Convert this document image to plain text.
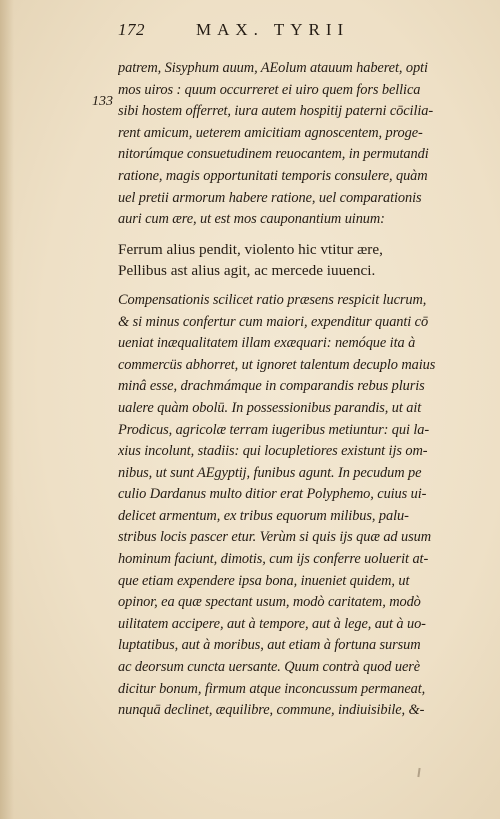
172	MAX. TYRII
133
patrem, Sisyphum auum, AEolum atauum haberet, opti
mos uiros : quum occurreret ei uiro quem fors bellica
sibi hostem offerret, iura autem hospitij paterni cōcilia-
rent amicum, ueterem amicitiam agnoscentem, proge-
nitorúmque consuetudinem reuocantem, in permutandi
ratione, magis opportunitati temporis consulere, quàm
uel pretii armorum habere ratione, uel comparationis
auri cum ære, ut est mos cauponantium uinum:
Ferrum alius pendit, violento hic vtitur ære,
Pellibus ast alius agit, ac mercede iuuenci.
Compensationis scilicet ratio præsens respicit lucrum,
& si minus confertur cum maiori, expenditur quanti cō
ueniat inæqualitatem illam exæquari: nemóque ita à
commercüs abhorret, ut ignoret talentum decuplo maius
minâ esse, drachmámque in comparandis rebus pluris
ualere quàm obolū. In possessionibus parandis, ut ait
Prodicus, agricolæ terram iugeribus metiuntur: qui la-
xius incolunt, stadiis: qui locupletiores existunt ijs om-
nibus, ut sunt AEgyptij, funibus agunt. In pecudum pe
culio Dardanus multo ditior erat Polyphemo, cuius ui-
delicet armentum, ex tribus equorum milibus, palu-
stribus locis pascer etur. Verùm si quis ijs quæ ad usum
hominum faciunt, dimotis, cum ijs conferre uoluerit at-
que etiam expendere ipsa bona, inueniet quidem, ut
opinor, ea quæ spectant usum, modò caritatem, modò
uilitatem accipere, aut à tempore, aut à lege, aut à uo-
luptatibus, aut à moribus, aut etiam à fortuna sursum
ac deorsum cuncta uersante. Quum contrà quod uerè
dicitur bonum, firmum atque inconcussum permaneat,
nunquā declinet, æquilibre, commune, indiuisibile, &-
